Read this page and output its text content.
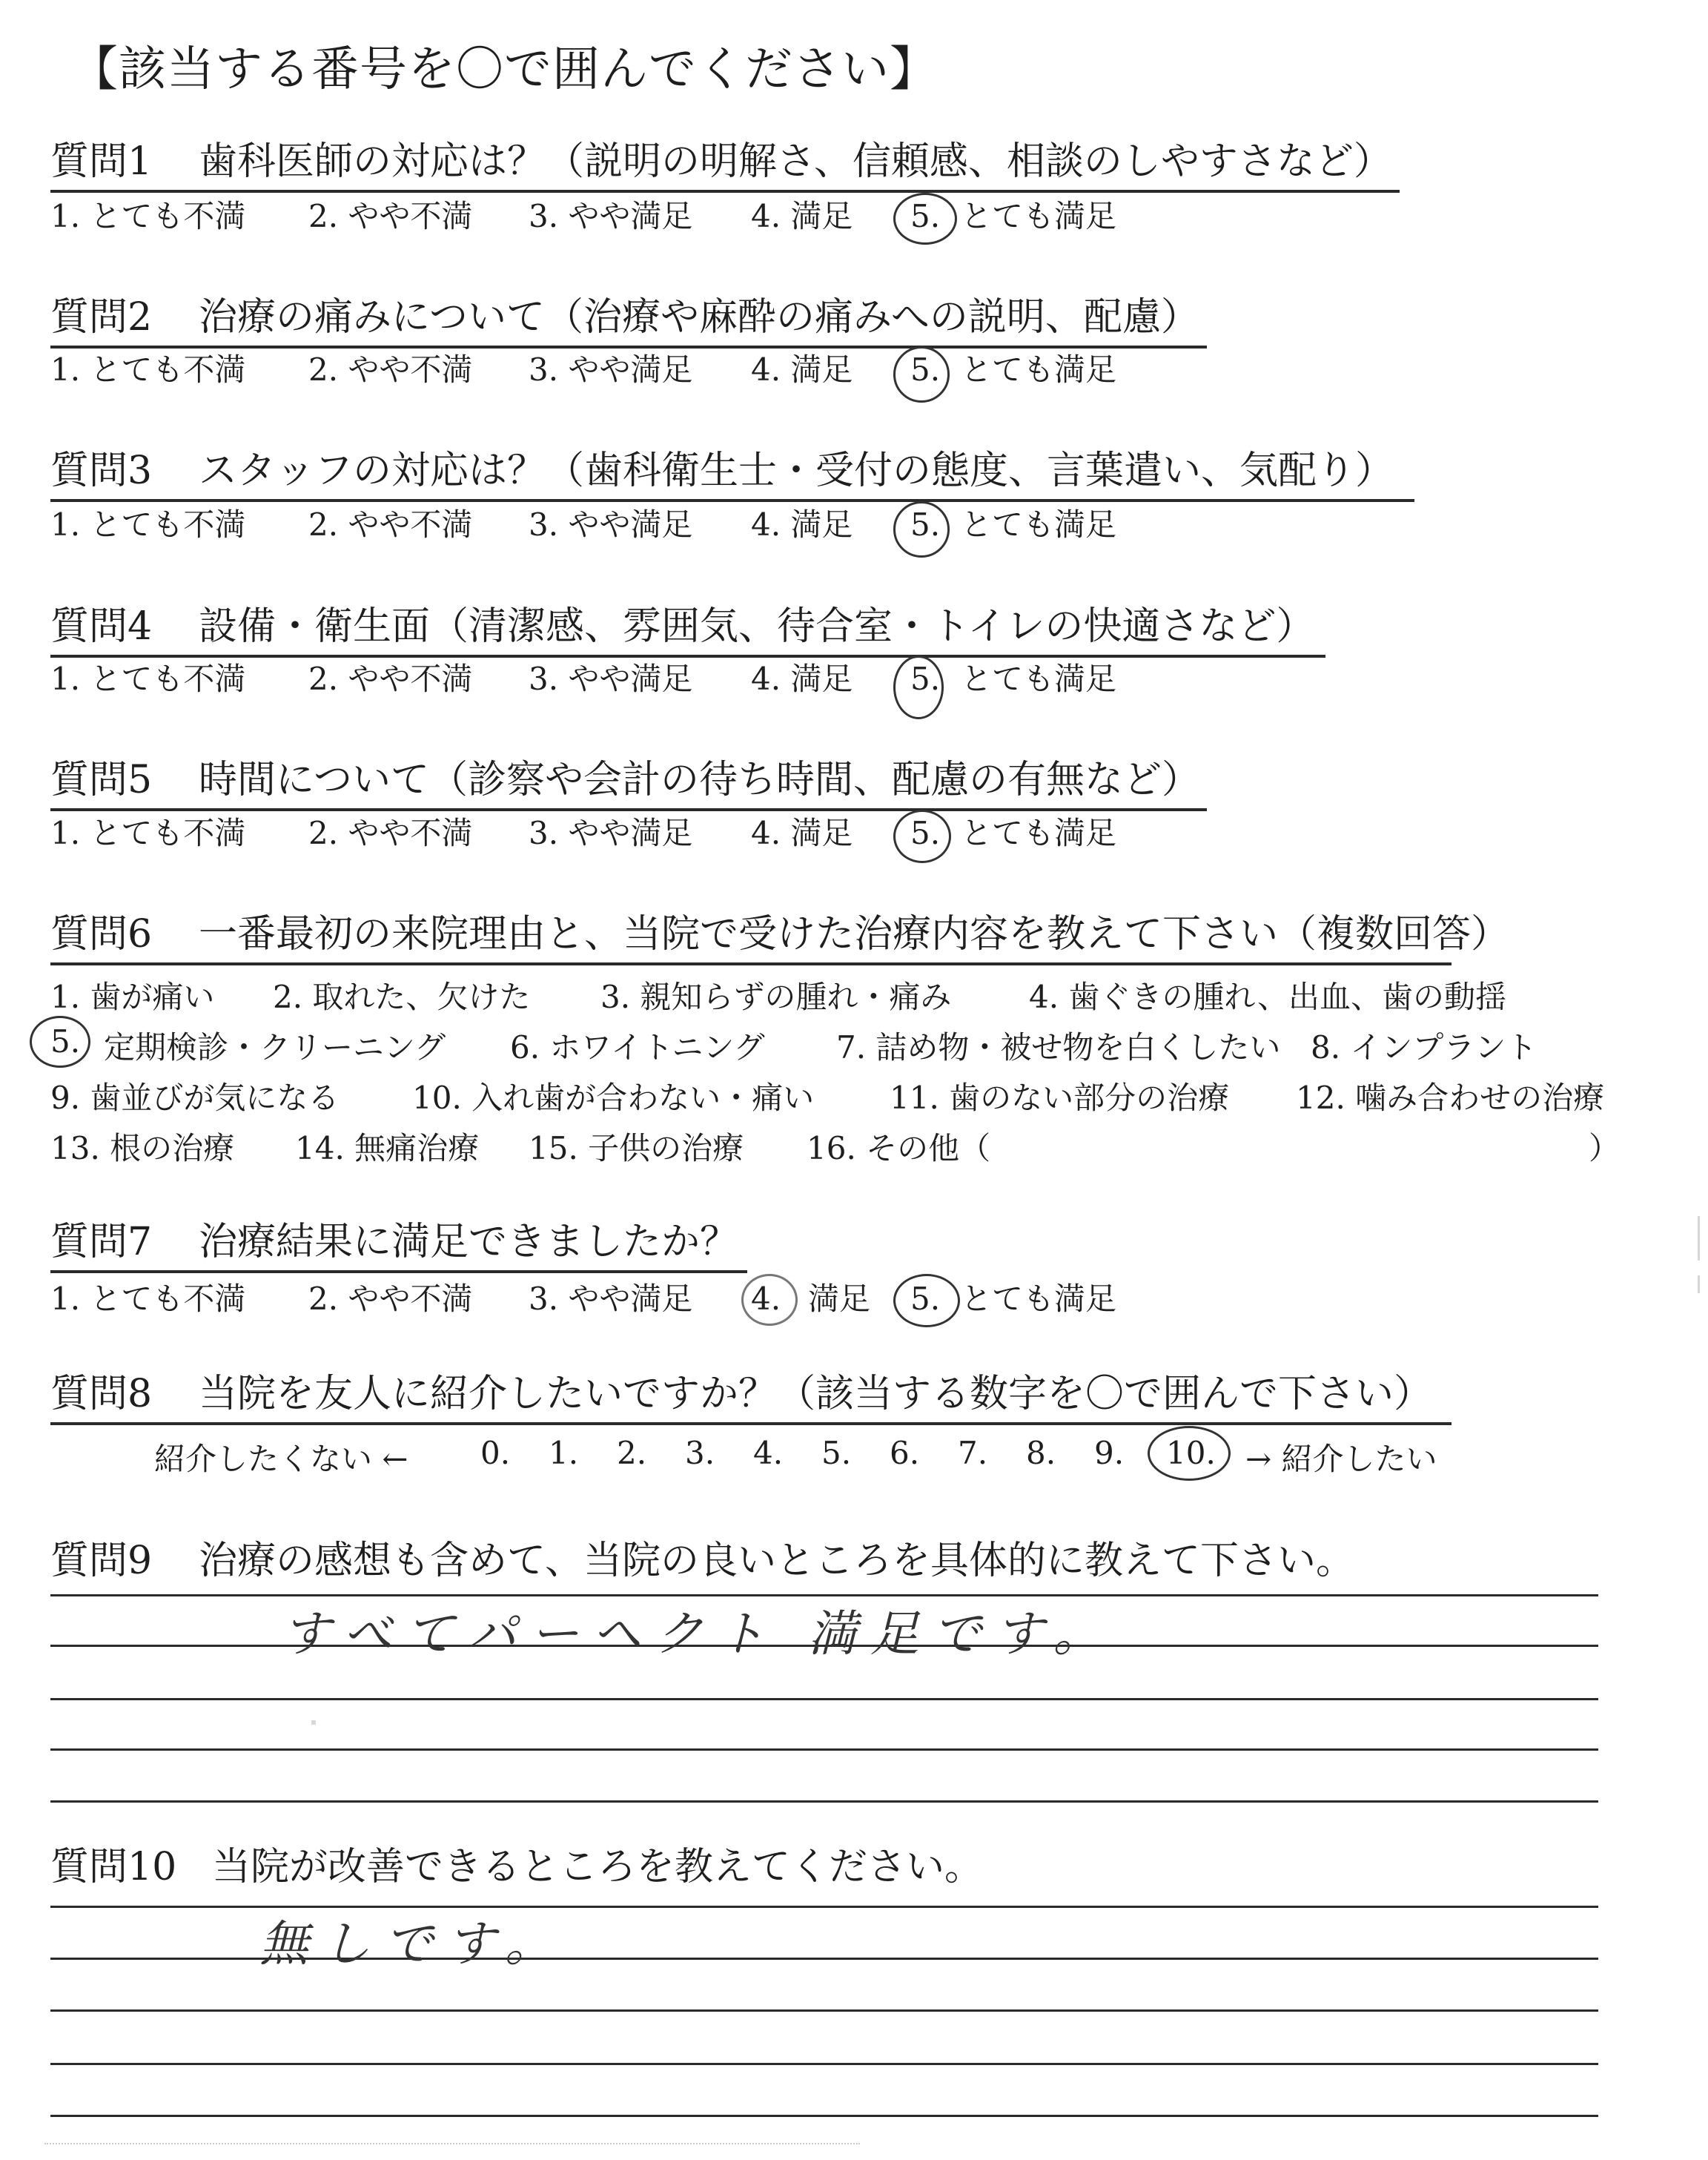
【該当する番号を〇で囲んでください】
質問1 歯科医師の対応は？（説明の明解さ、信頼感、相談のしやすさなど）
1. とても不満 2. やや不満 3. やや満足 4. 満足 5. とても満足
質問2 治療の痛みについて（治療や麻酔の痛みへの説明、配慮）
1. とても不満 2. やや不満 3. やや満足 4. 満足 5. とても満足
質問3 スタッフの対応は？（歯科衛生士・受付の態度、言葉遣い、気配り）
1. とても不満 2. やや不満 3. やや満足 4. 満足 5. とても満足
質問4 設備・衛生面（清潔感、雰囲気、待合室・トイレの快適さなど）
1. とても不満 2. やや不満 3. やや満足 4. 満足 5. とても満足
質問5 時間について（診察や会計の待ち時間、配慮の有無など）
1. とても不満 2. やや不満 3. やや満足 4. 満足 5. とても満足
質問6 一番最初の来院理由と、当院で受けた治療内容を教えて下さい（複数回答）
1. 歯が痛い 2. 取れた、欠けた 3. 親知らずの腫れ・痛み 4. 歯ぐきの腫れ、出血、歯の動揺
5. 定期検診・クリーニング 6. ホワイトニング 7. 詰め物・被せ物を白くしたい 8. インプラント
9. 歯並びが気になる 10. 入れ歯が合わない・痛い 11. 歯のない部分の治療 12. 噛み合わせの治療
13. 根の治療 14. 無痛治療 15. 子供の治療 16. その他（	）
質問7 治療結果に満足できましたか？
1. とても不満 2. やや不満 3. やや満足 4. 満足 5. とても満足
質問8 当院を友人に紹介したいですか？（該当する数字を〇で囲んで下さい）
紹介したくない ← 0. 1. 2. 3. 4. 5. 6. 7. 8. 9. 10. → 紹介したい
質問9 治療の感想も含めて、当院の良いところを具体的に教えて下さい。
すべてパーヘクト 満足です。
質問10 当院が改善できるところを教えてください。
無しです。
